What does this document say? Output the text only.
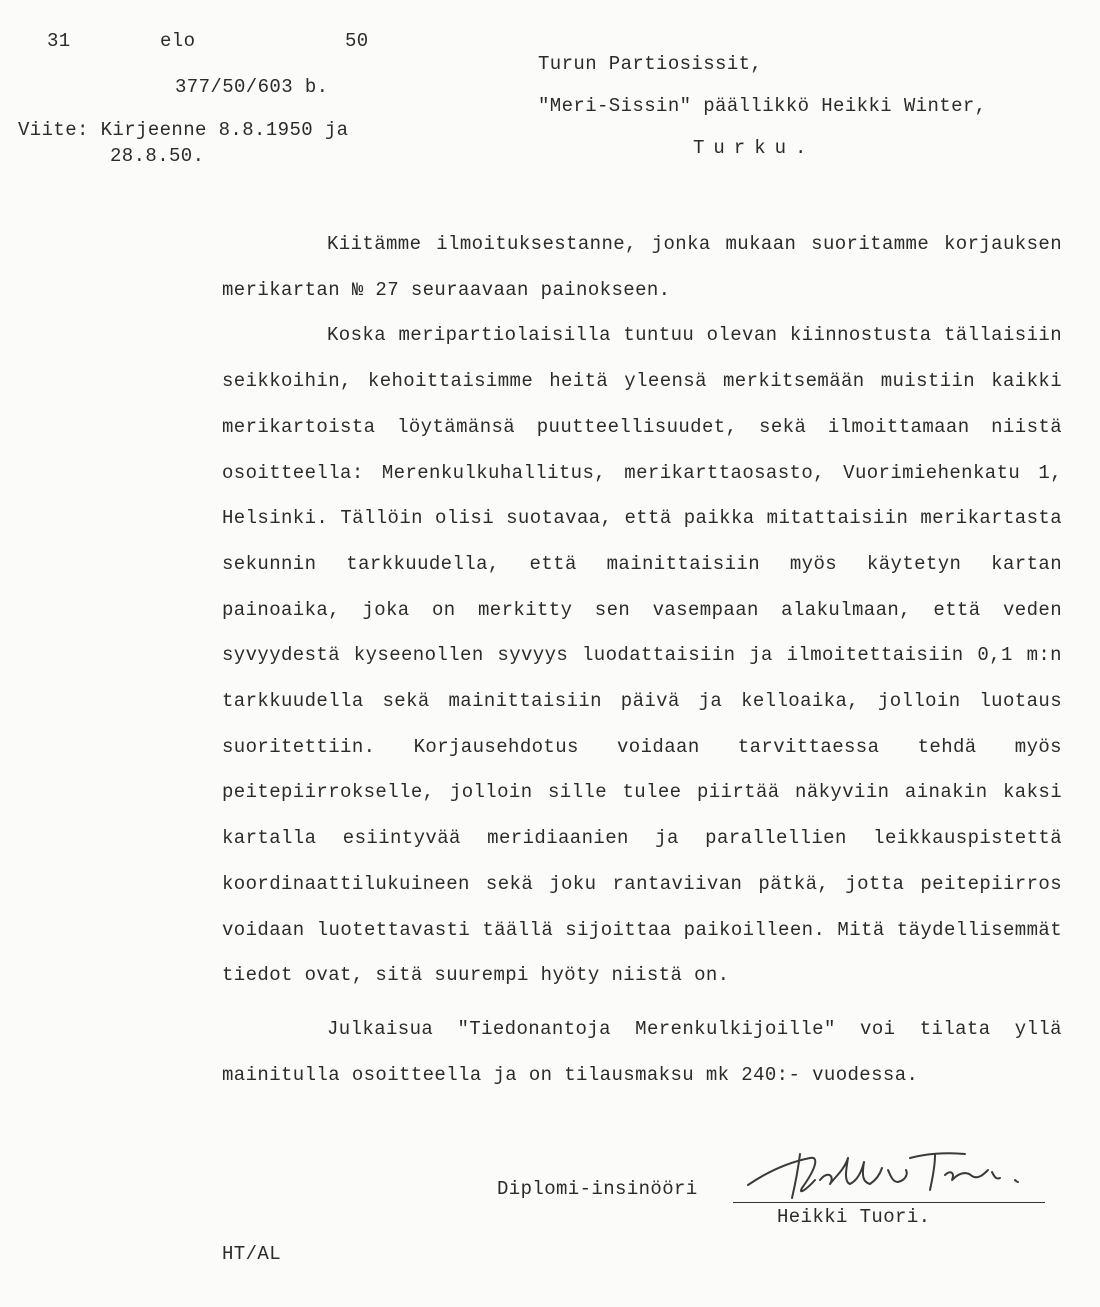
31	elo	50
377/50/603 b.
Viite: Kirjeenne 8.8.1950 ja
28.8.50.
Turun Partiosissit,
"Meri-Sissin" päällikkö Heikki Winter,
Turku.

Kiitämme ilmoituksestanne, jonka mukaan suoritamme korjauksen merikartan № 27 seuraavaan painokseen.

Koska meripartiolaisilla tuntuu olevan kiinnostusta tällaisiin seikkoihin, kehoittaisimme heitä yleensä merkitsemään muistiin kaikki merikartoista löytämänsä puutteellisuudet, sekä ilmoittamaan niistä osoitteella: Merenkulkuhallitus, merikarttaosasto, Vuorimiehenkatu 1, Helsinki. Tällöin olisi suotavaa, että paikka mitattaisiin merikartasta sekunnin tarkkuudella, että mainittaisiin myös käytetyn kartan painoaika, joka on merkitty sen vasempaan alakulmaan, että veden syvyydestä kyseenollen syvyys luodattaisiin ja ilmoitettaisiin 0,1 m:n tarkkuudella sekä mainittaisiin päivä ja kelloaika, jolloin luotaus suoritettiin. Korjausehdotus voidaan tarvittaessa tehdä myös peitepiirrokselle, jolloin sille tulee piirtää näkyviin ainakin kaksi kartalla esiintyvää meridiaanien ja parallellien leikkauspistettä koordinaattilukuineen sekä joku rantaviivan pätkä, jotta peitepiirros voidaan luotettavasti täällä sijoittaa paikoilleen. Mitä täydellisemmät tiedot ovat, sitä suurempi hyöty niistä on.

Julkaisua "Tiedonantoja Merenkulkijoille" voi tilata yllä mainitulla osoitteella ja on tilausmaksu mk 240:- vuodessa.

Diplomi-insinööri
Heikki Tuori.
HT/AL
